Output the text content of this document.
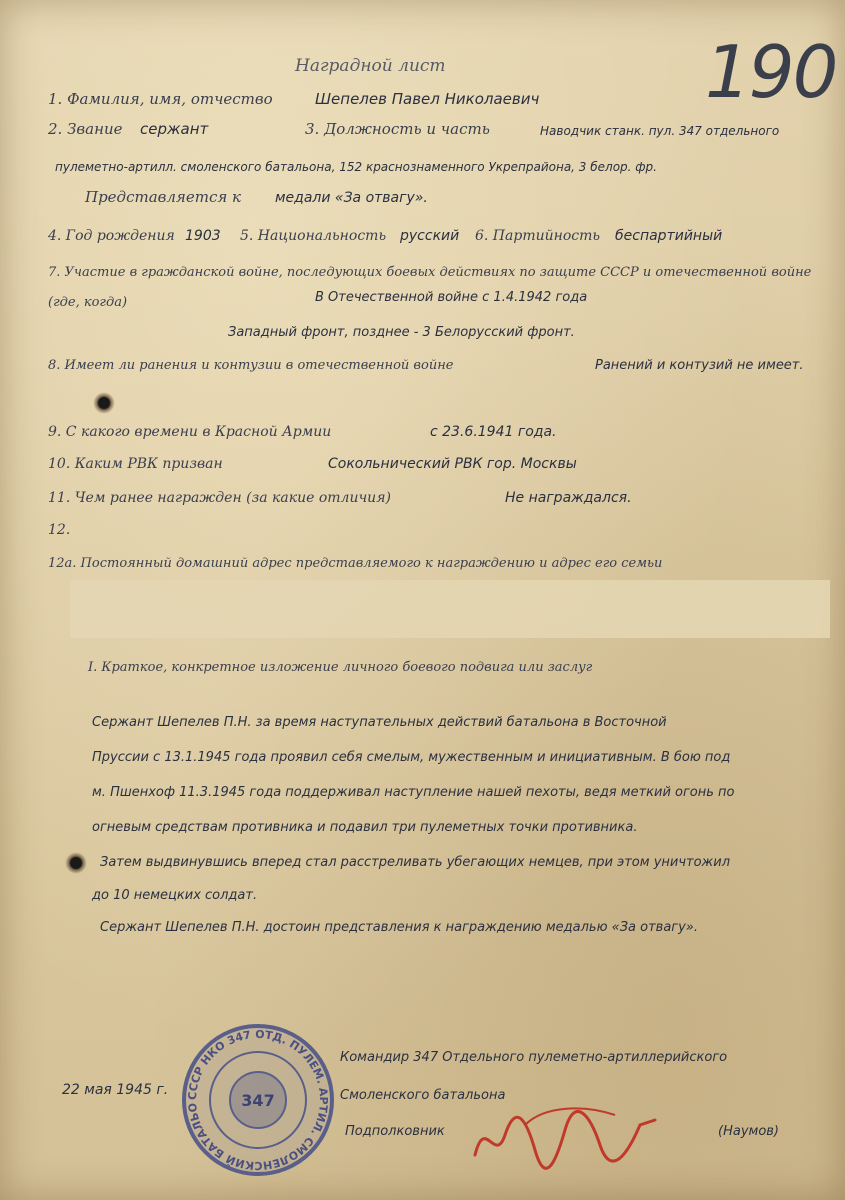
190
Наградной лист
1. Фамилия, имя, отчество	Шепелев Павел Николаевич
2. Звание сержант	3. Должность и часть	Наводчик станк. пул. 347 отдельного
пулеметно-артилл. смоленского батальона, 152 краснознаменного Укрепрайона, 3 белор. фр.
Представляется к медали «За отвагу».
4. Год рождения 1903 5. Национальность русский 6. Партийность беспартийный
7. Участие в гражданской войне, последующих боевых действиях по защите СССР и отечественной войне (где, когда)	В Отечественной войне с 1.4.1942 года
Западный фронт, позднее - 3 Белорусский фронт.
8. Имеет ли ранения и контузии в отечественной войне	Ранений и контузий не имеет.
9. С какого времени в Красной Армии	с 23.6.1941 года.
10. Каким РВК призван	Сокольнический РВК гор. Москвы
11. Чем ранее награжден (за какие отличия)	Не награждался.
12.
12а. Постоянный домашний адрес представляемого к награждению и адрес его семьи
I. Краткое, конкретное изложение личного боевого подвига или заслуг
Сержант Шепелев П.Н. за время наступательных действий батальона в Восточной
Пруссии с 13.1.1945 года проявил себя смелым, мужественным и инициативным. В бою под
м. Пшенхоф 11.3.1945 года поддерживал наступление нашей пехоты, ведя меткий огонь по
огневым средствам противника и подавил три пулеметных точки противника.
Затем выдвинувшись вперед стал расстреливать убегающих немцев, при этом уничтожил
до 10 немецких солдат.
Сержант Шепелев П.Н. достоин представления к награждению медалью «За отвагу».
СССР НКО 347 ОТД. ПУЛЕМ. АРТИЛ. СМОЛЕНСКИЙ БАТАЛЬО	347
22 мая 1945 г.
Командир 347 Отдельного пулеметно-артиллерийского
Смоленского батальона
Подполковник	(Наумов)
